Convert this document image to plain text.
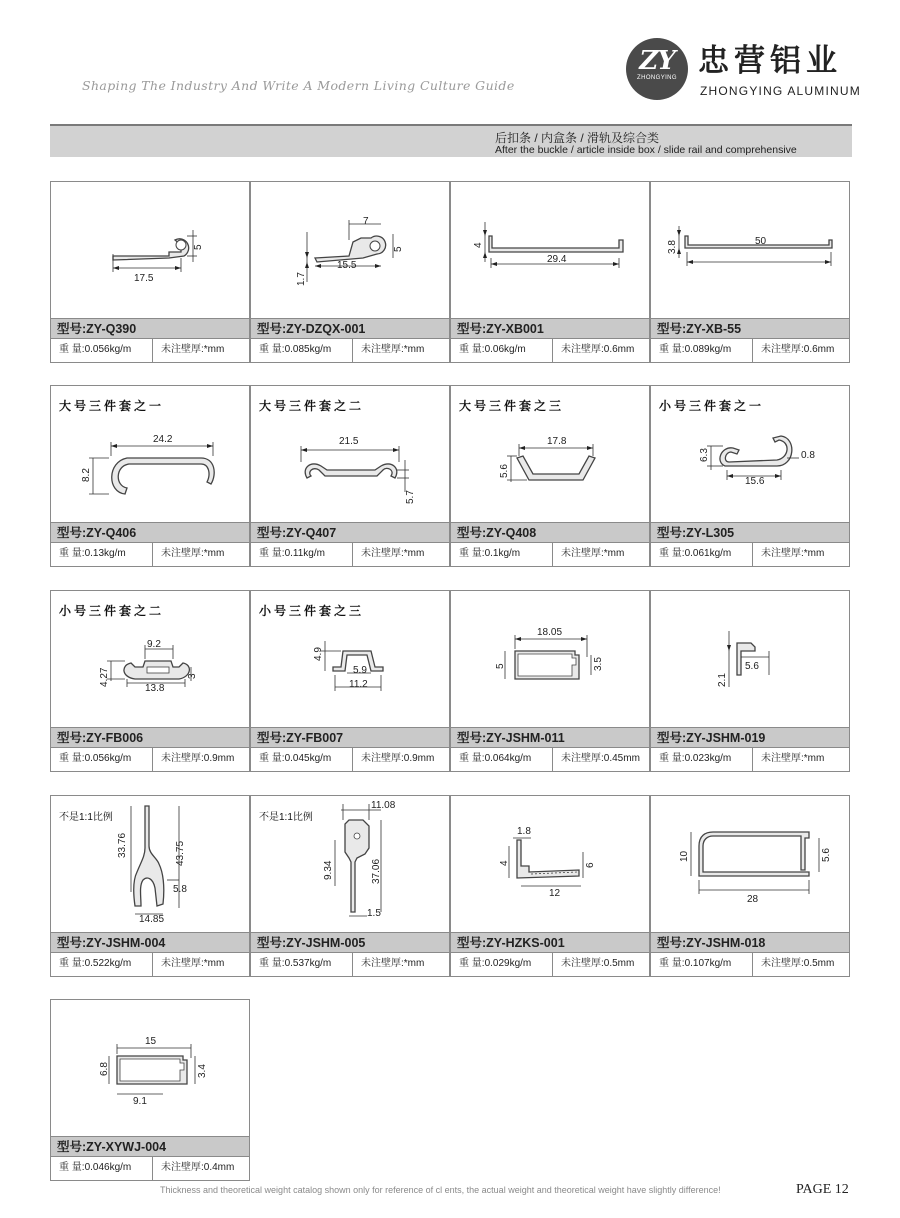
Shaping The Industry And Write A Modern Living Culture Guide
ZY
ZHONGYING 忠营铝业
ZHONGYING ALUMINUM
后扣条 / 内盒条 / 滑轨及综合类
After the buckle / article inside box / slide rail and comprehensive
17.5
5
型号:ZY-Q390
重 量:0.056kg/m	未注壁厚:*mm
7
15.5
5
1.7
型号:ZY-DZQX-001
重 量:0.085kg/m	未注壁厚:*mm
29.4
4
型号:ZY-XB001
重 量:0.06kg/m	未注壁厚:0.6mm
50
3.8
型号:ZY-XB-55
重 量:0.089kg/m	未注壁厚:0.6mm
大号三件套之一
24.2
8.2
型号:ZY-Q406
重 量:0.13kg/m	未注壁厚:*mm
大号三件套之二
21.5
5.7
型号:ZY-Q407
重 量:0.11kg/m	未注壁厚:*mm
大号三件套之三
17.8
5.6
型号:ZY-Q408
重 量:0.1kg/m	未注壁厚:*mm
小号三件套之一
15.6
6.3	0.8
型号:ZY-L305
重 量:0.061kg/m	未注壁厚:*mm
小号三件套之二
9.2
13.8
4.27	3
型号:ZY-FB006
重 量:0.056kg/m	未注壁厚:0.9mm
小号三件套之三
4.9
5.9
11.2
型号:ZY-FB007
重 量:0.045kg/m	未注壁厚:0.9mm
18.05
5	3.5
型号:ZY-JSHM-011
重 量:0.064kg/m	未注壁厚:0.45mm
2.1
5.6
型号:ZY-JSHM-019
重 量:0.023kg/m	未注壁厚:*mm
不是1:1比例
33.76	43.75
5.8
14.85
型号:ZY-JSHM-004
重 量:0.522kg/m	未注壁厚:*mm
不是1:1比例
11.08
37.06
9.34
1.5
型号:ZY-JSHM-005
重 量:0.537kg/m	未注壁厚:*mm
1.8
4	6
12
型号:ZY-HZKS-001
重 量:0.029kg/m	未注壁厚:0.5mm
10	5.6
28
型号:ZY-JSHM-018
重 量:0.107kg/m	未注壁厚:0.5mm
15
6.8	3.4
9.1
型号:ZY-XYWJ-004
重 量:0.046kg/m	未注壁厚:0.4mm
Thickness and theoretical weight catalog shown only for reference of cl ents, the actual weight and theoretical weight have slightly difference!	PAGE 12
